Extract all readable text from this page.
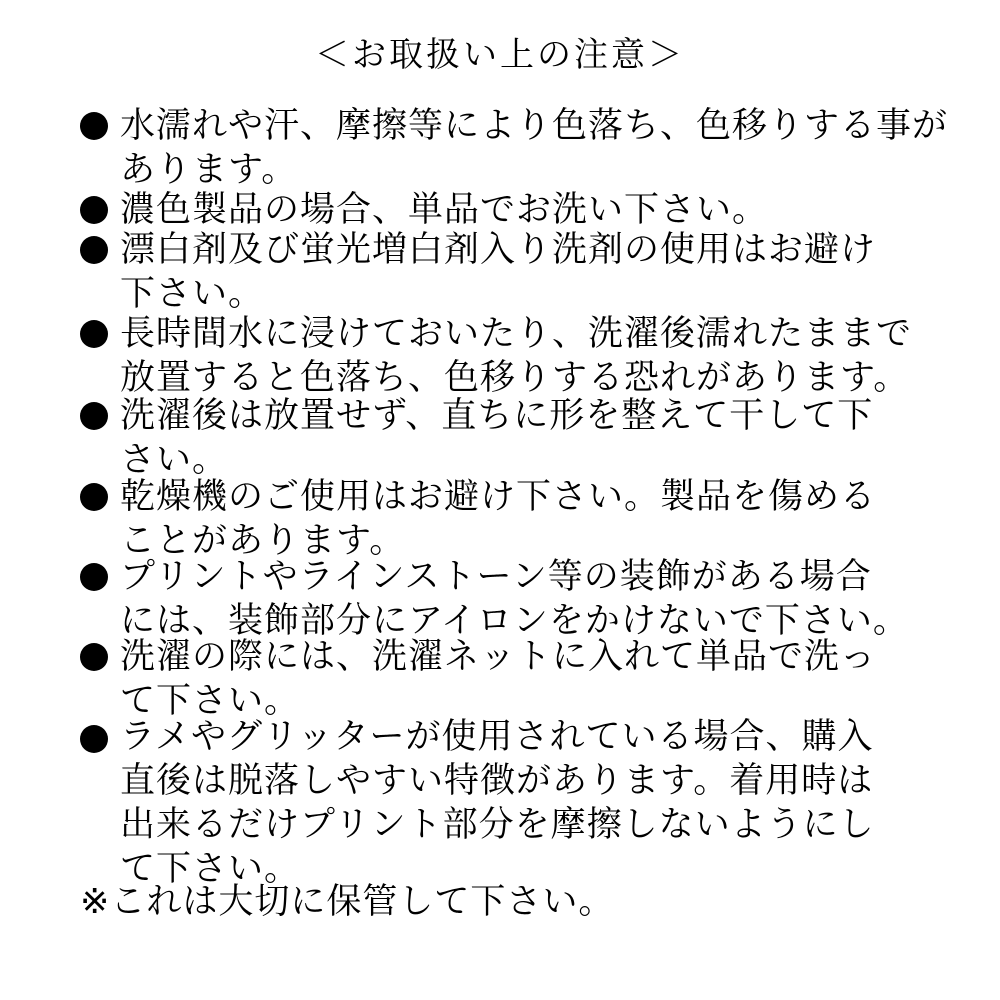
＜お取扱い上の注意＞
水濡れや汗、摩擦等により色落ち、色移りする事が
あります。
濃色製品の場合、単品でお洗い下さい。
漂白剤及び蛍光増白剤入り洗剤の使用はお避け
下さい。
長時間水に浸けておいたり、洗濯後濡れたままで
放置すると色落ち、色移りする恐れがあります。
洗濯後は放置せず、直ちに形を整えて干して下
さい。
乾燥機のご使用はお避け下さい。製品を傷める
ことがあります。
プリントやラインストーン等の装飾がある場合
には、装飾部分にアイロンをかけないで下さい。
洗濯の際には、洗濯ネットに入れて単品で洗っ
て下さい。
ラメやグリッターが使用されている場合、購入
直後は脱落しやすい特徴があります。着用時は
出来るだけプリント部分を摩擦しないようにし
て下さい。
※これは大切に保管して下さい。
